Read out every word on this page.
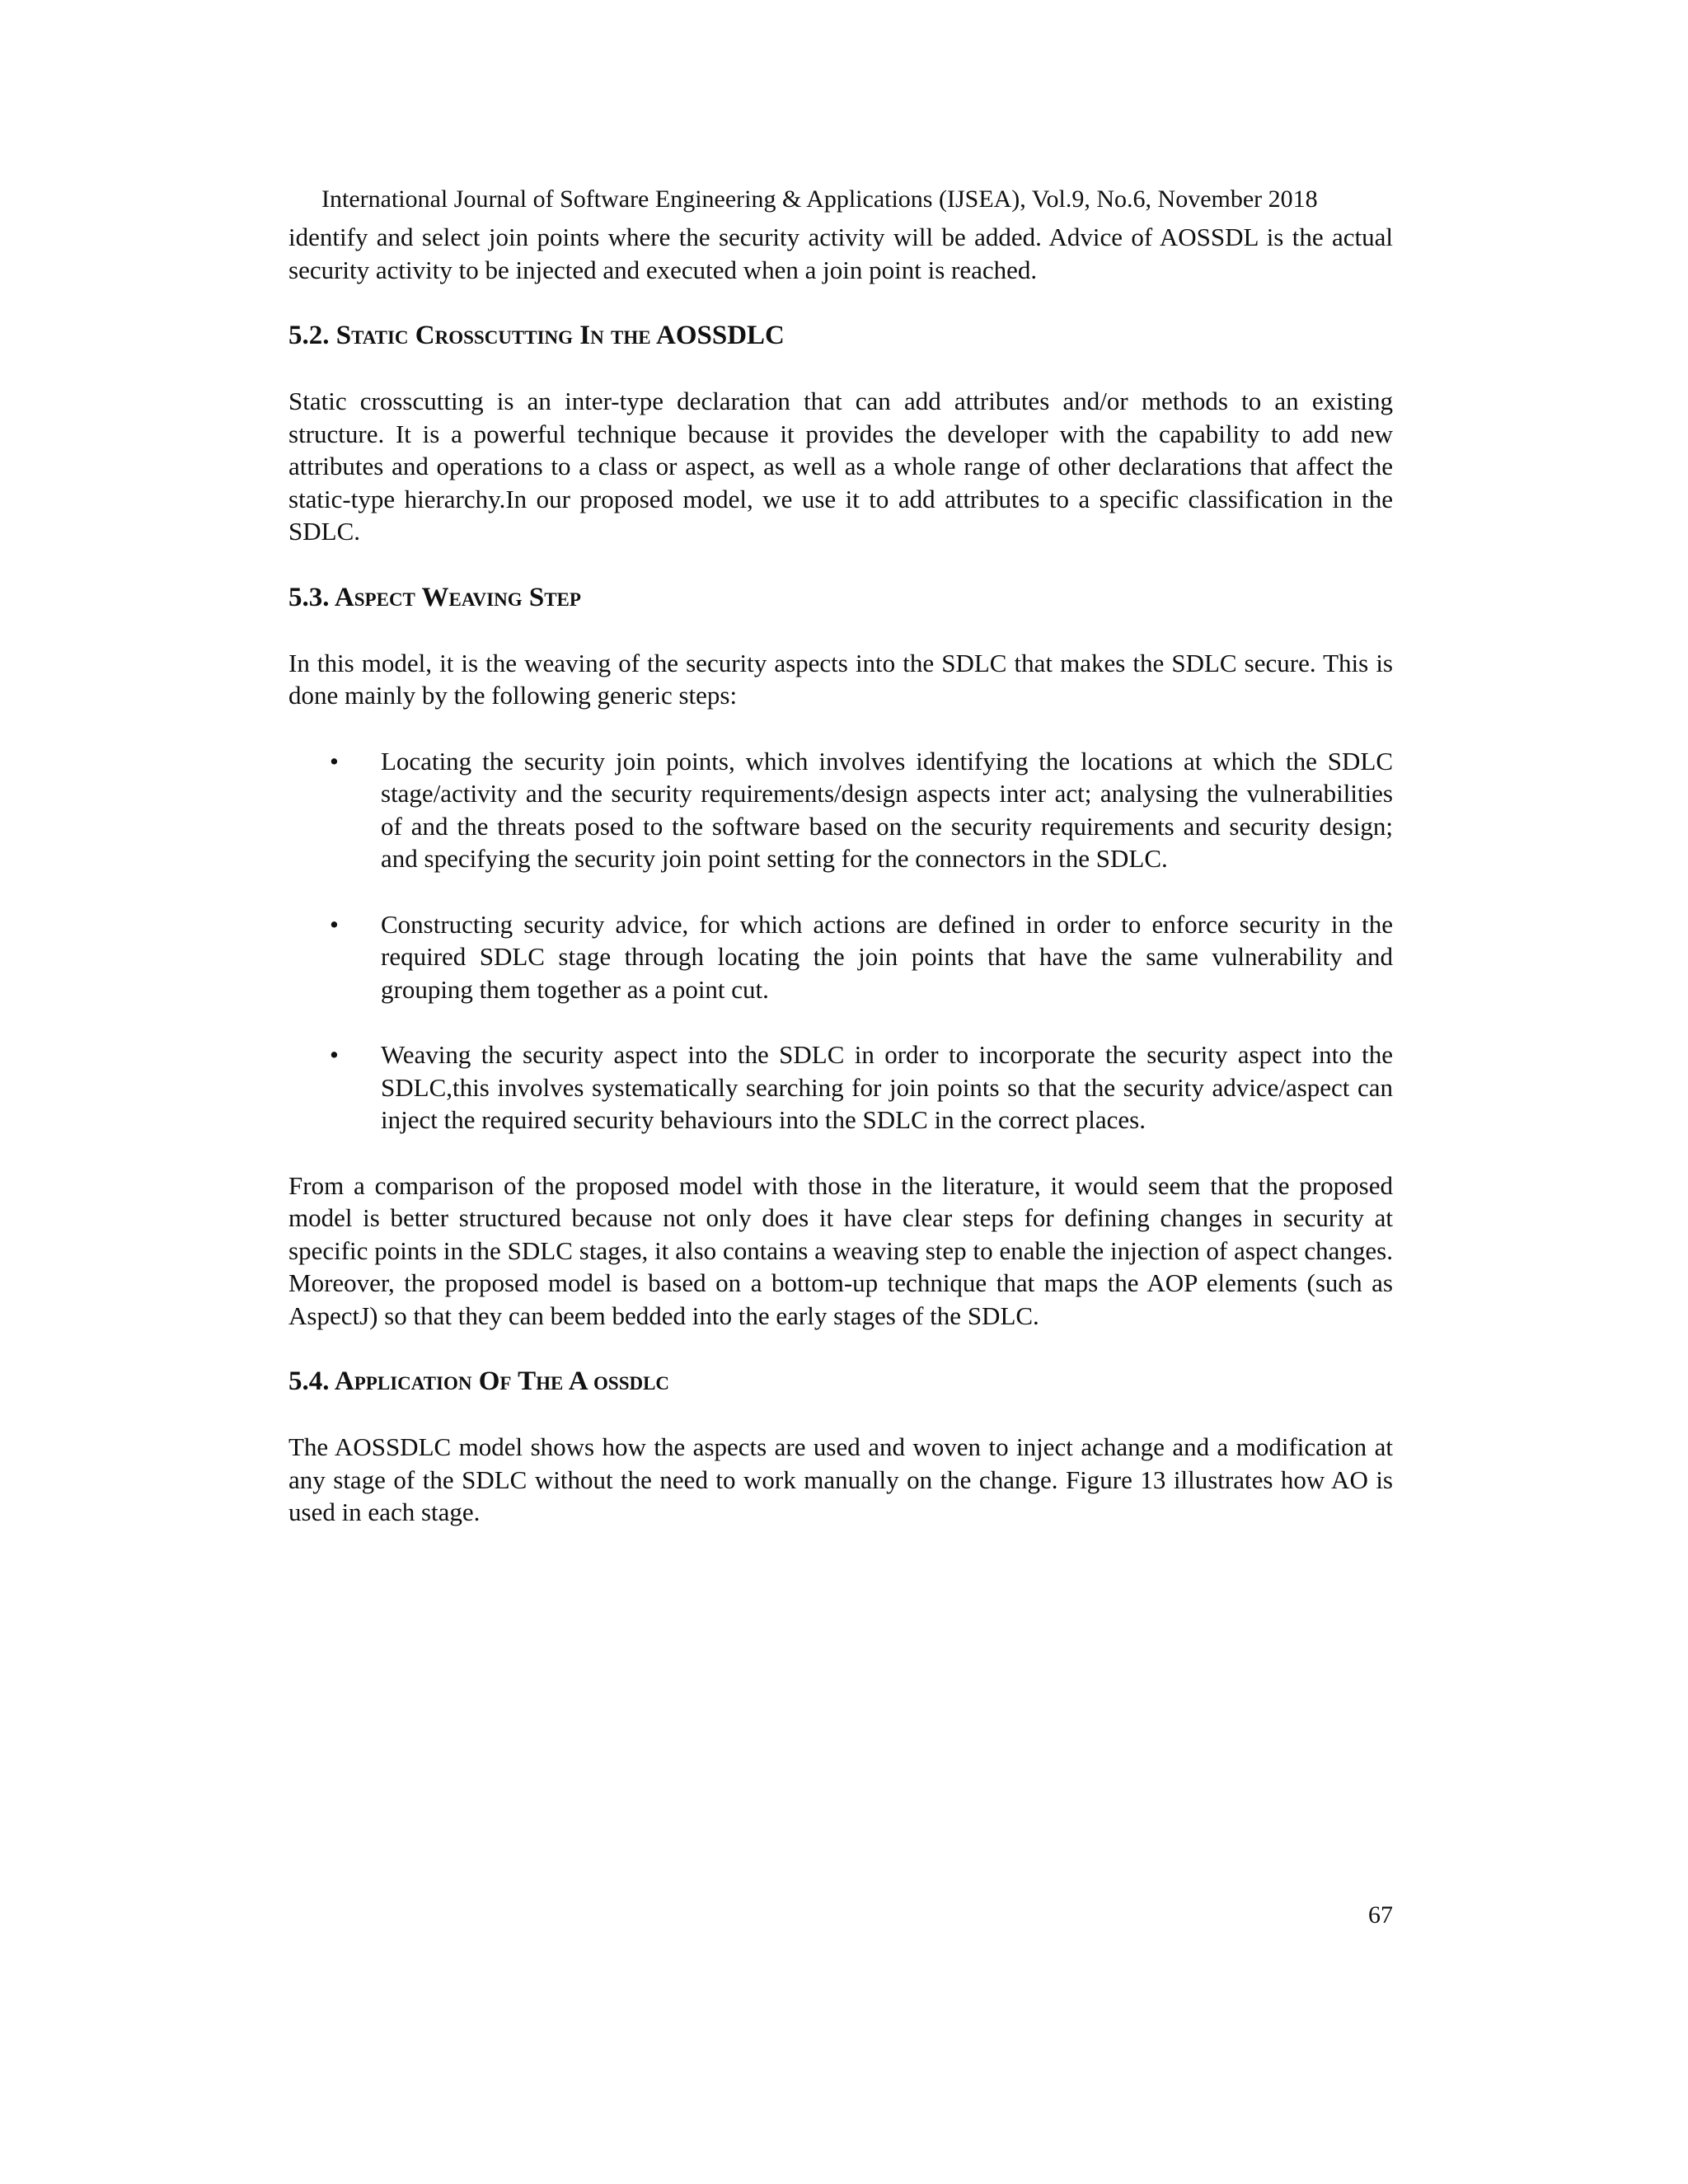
International Journal of Software Engineering & Applications (IJSEA), Vol.9, No.6, November 2018

identify and select join points where the security activity will be added. Advice of AOSSDL is the actual security activity to be injected and executed when a join point is reached.

5.2. Static Crosscutting In the AOSSDLC

Static crosscutting is an inter-type declaration that can add attributes and/or methods to an existing structure. It is a powerful technique because it provides the developer with the capability to add new attributes and operations to a class or aspect, as well as a whole range of other declarations that affect the static-type hierarchy.In our proposed model, we use it to add attributes to a specific classification in the SDLC.

5.3. Aspect Weaving Step

In this model, it is the weaving of the security aspects into the SDLC that makes the SDLC secure. This is done mainly by the following generic steps:

• Locating the security join points, which involves identifying the locations at which the SDLC stage/activity and the security requirements/design aspects inter act; analysing the vulnerabilities of and the threats posed to the software based on the security requirements and security design; and specifying the security join point setting for the connectors in the SDLC.

• Constructing security advice, for which actions are defined in order to enforce security in the required SDLC stage through locating the join points that have the same vulnerability and grouping them together as a point cut.

• Weaving the security aspect into the SDLC in order to incorporate the security aspect into the SDLC,this involves systematically searching for join points so that the security advice/aspect can inject the required security behaviours into the SDLC in the correct places.

From a comparison of the proposed model with those in the literature, it would seem that the proposed model is better structured because not only does it have clear steps for defining changes in security at specific points in the SDLC stages, it also contains a weaving step to enable the injection of aspect changes. Moreover, the proposed model is based on a bottom-up technique that maps the AOP elements (such as AspectJ) so that they can beem bedded into the early stages of the SDLC.

5.4. Application Of The A ossdlc

The AOSSDLC model shows how the aspects are used and woven to inject achange and a modification at any stage of the SDLC without the need to work manually on the change. Figure 13 illustrates how AO is used in each stage.

67
